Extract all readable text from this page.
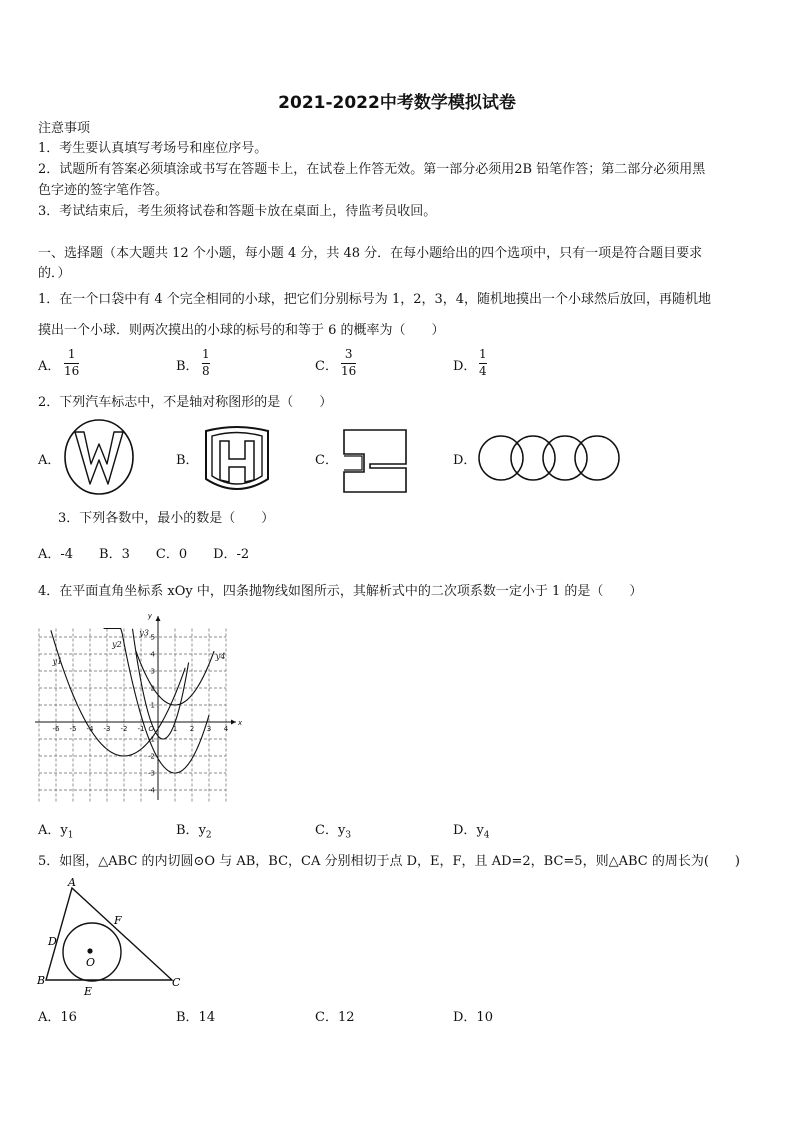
2021-2022中考数学模拟试卷
注意事项
1．考生要认真填写考场号和座位序号。
2．试题所有答案必须填涂或书写在答题卡上，在试卷上作答无效。第一部分必须用2B 铅笔作答；第二部分必须用黑
色字迹的签字笔作答。
3．考试结束后，考生须将试卷和答题卡放在桌面上，待监考员收回。
一、选择题（本大题共 12 个小题，每小题 4 分，共 48 分．在每小题给出的四个选项中，只有一项是符合题目要求
的．）
1．在一个口袋中有 4 个完全相同的小球，把它们分别标号为 1，2，3，4，随机地摸出一个小球然后放回，再随机地
摸出一个小球．则两次摸出的小球的标号的和等于 6 的概率为（　　）
A．
1
16	B．
1
8	C．
3
16	D．
1
4
2．下列汽车标志中，不是轴对称图形的是（　　）
A．	B．	C．	D．
3．下列各数中，最小的数是（　　）
A．-4　　B．3　　C．0　　D．-2
4．在平面直角坐标系 xOy 中，四条抛物线如图所示，其解析式中的二次项系数一定小于 1 的是（　　）
-6 -5 -4 -3 -2 -1	1 2 3 4
5
4
3
2
1
-1
-2
-3
-4
x
y
O
y1
y2
y3
y4
A．$y_1$	B．$y_2$	C．$y_3$	D．$y_4$
5．如图，△ABC 的内切圆⊙O 与 AB，BC，CA 分别相切于点 D，E，F，且 AD=2，BC=5，则△ABC 的周长为(　　)
A
B	C
D
E
F
O
A．16	B．14	C．12	D．10
